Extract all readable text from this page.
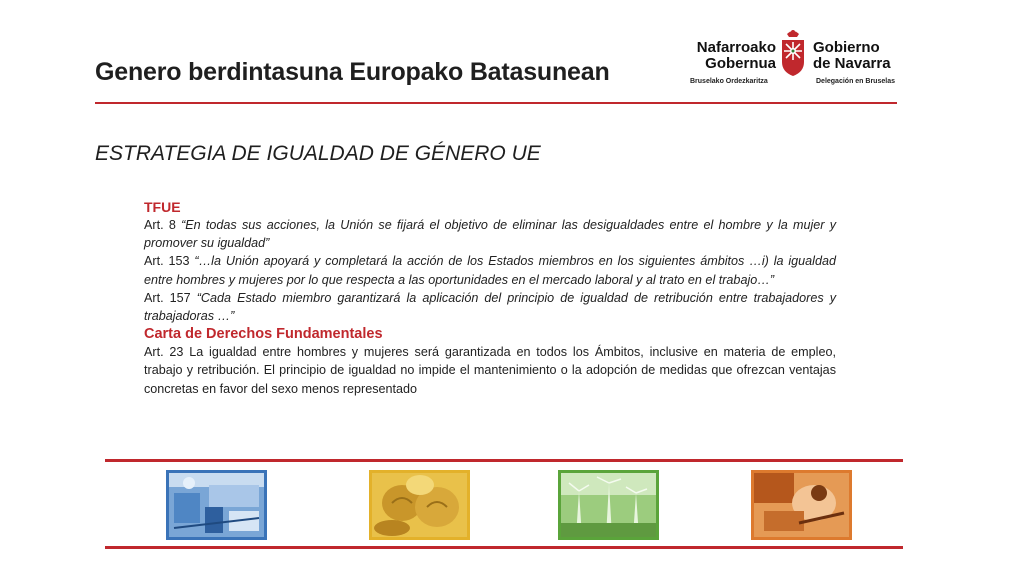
Genero berdintasuna Europako Batasunean
Nafarroako
Gobernua
Bruselako Ordezkaritza
Gobierno
de Navarra
Delegación en Bruselas
ESTRATEGIA DE IGUALDAD DE GÉNERO UE
TFUE

Art. 8 “En todas sus acciones, la Unión se fijará el objetivo de eliminar las desigualdades entre el hombre y la mujer y promover su igualdad”

Art. 153 “…la Unión apoyará y completará la acción de los Estados miembros en los siguientes ámbitos …i) la igualdad entre hombres y mujeres por lo que respecta a las oportunidades en el mercado laboral y al trato en el trabajo…”

Art. 157 “Cada Estado miembro garantizará la aplicación del principio de igualdad de retribución entre trabajadores y trabajadoras …”

Carta de Derechos Fundamentales

Art. 23 La igualdad entre hombres y mujeres será garantizada en todos los Ámbitos, inclusive en materia de empleo, trabajo y retribución. El principio de igualdad no impide el mantenimiento o la adopción de medidas que ofrezcan ventajas concretas en favor del sexo menos representado
